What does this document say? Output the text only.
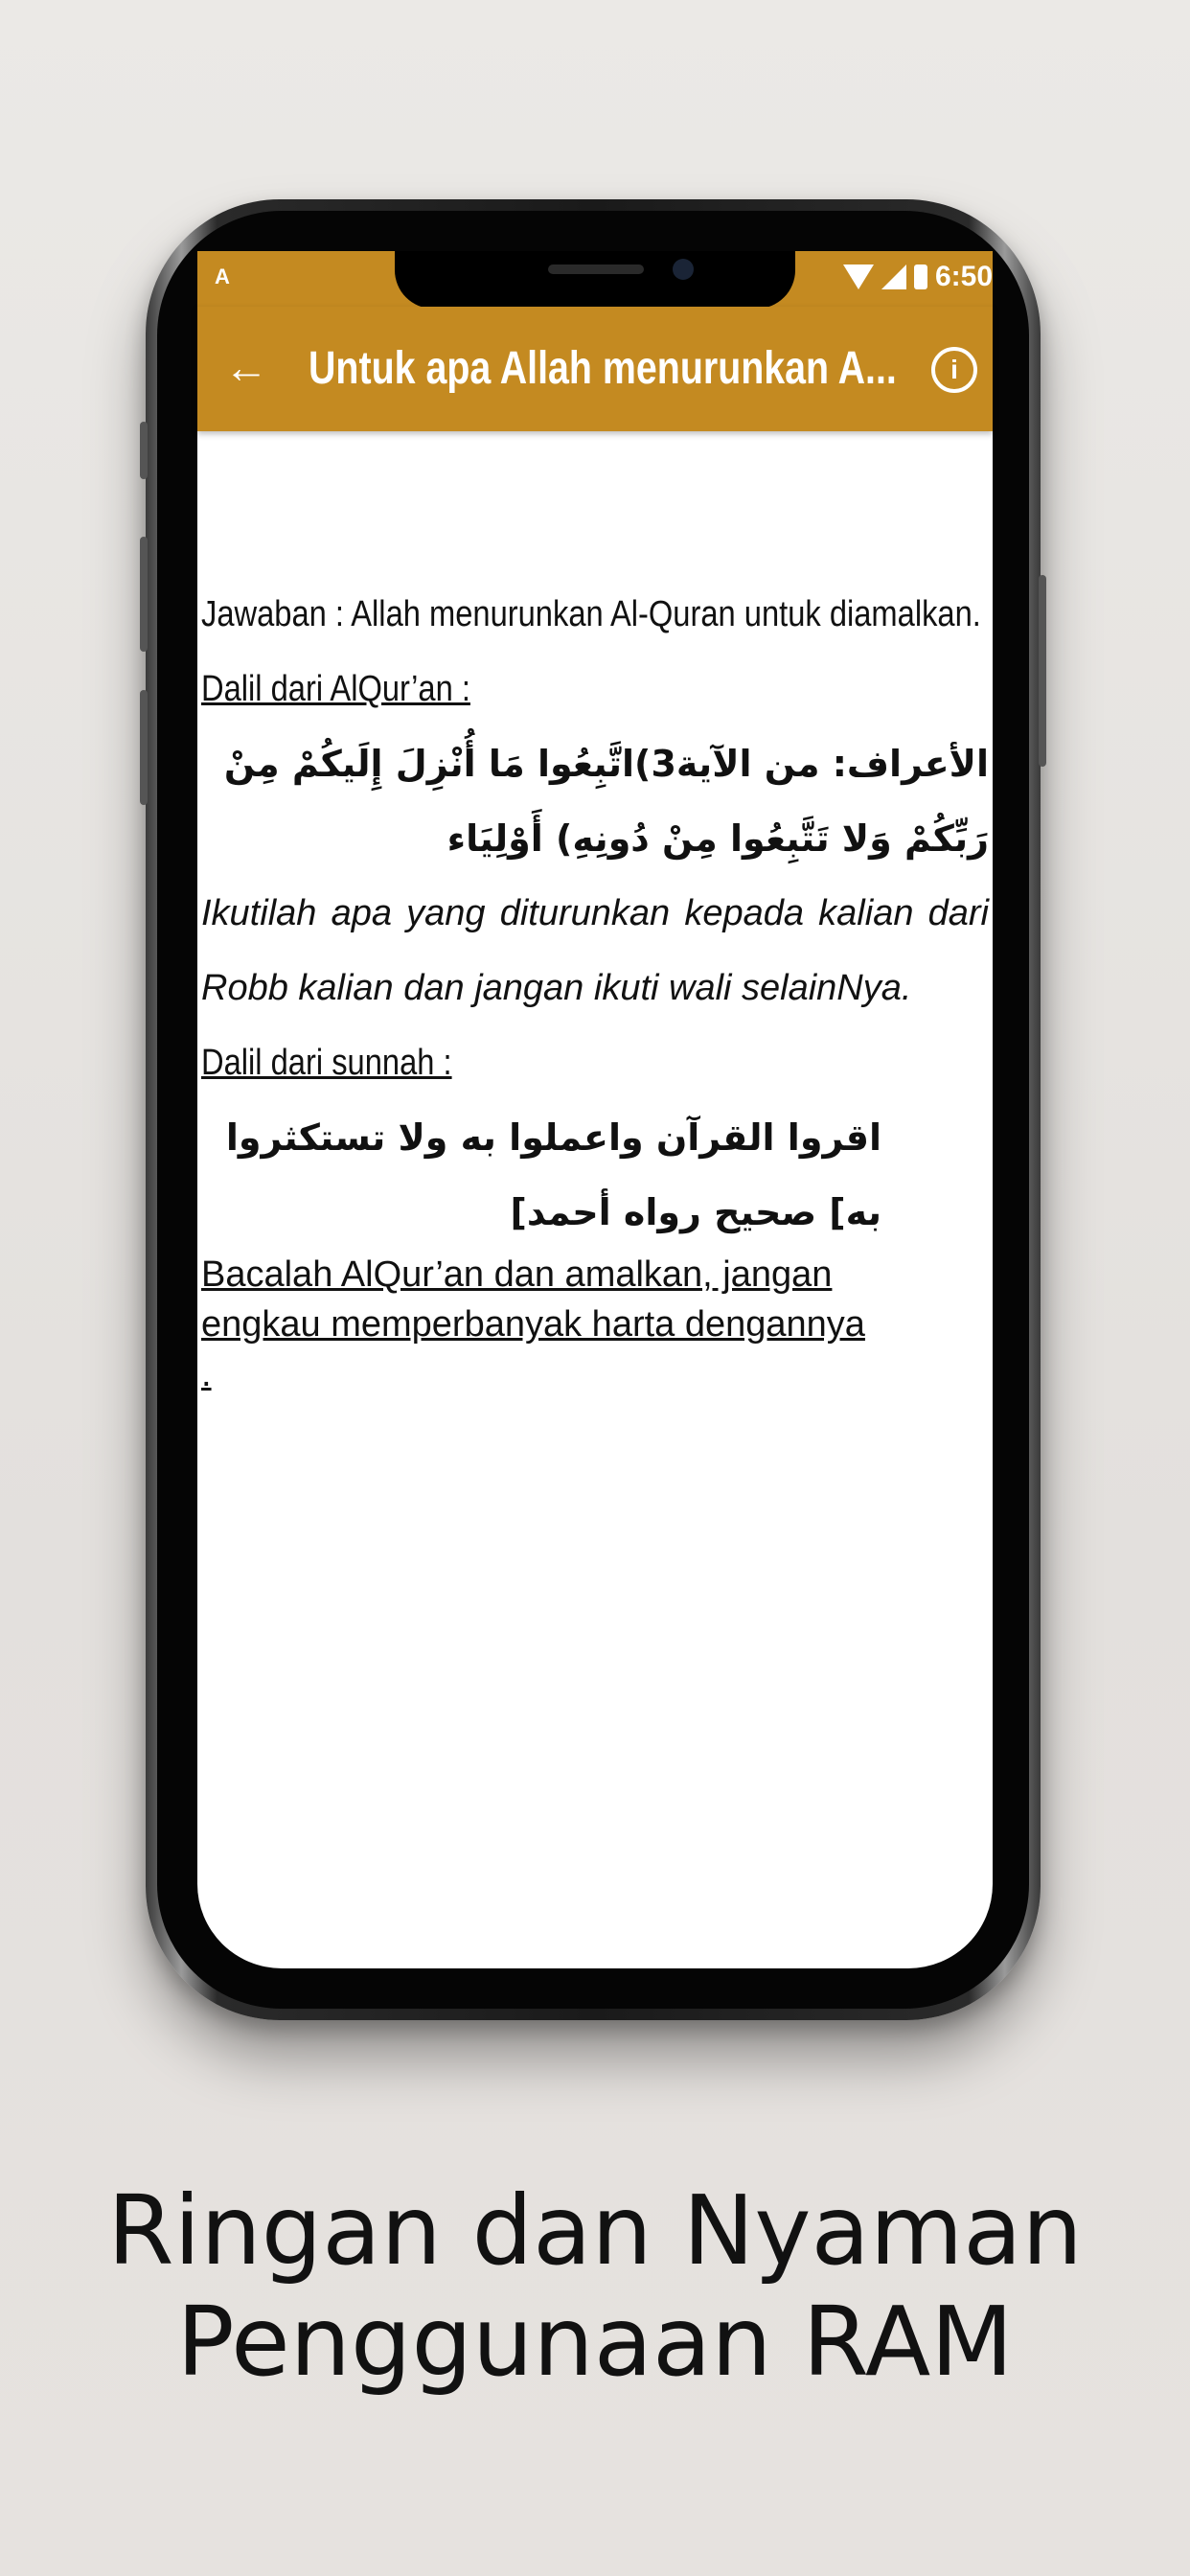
A	6:50
← Untuk apa Allah menurunkan A...	i

Jawaban : Allah menurunkan Al-Quran untuk diamalkan.

Dalil dari AlQur’an :

الأعراف: من الآية3)اتَّبِعُوا مَا أُنْزِلَ إِلَيكُمْ مِنْ رَبِّكُمْ وَلا تَتَّبِعُوا مِنْ دُونِهِ) أَوْلِيَاء

Ikutilah apa yang diturunkan kepada kalian dari Robb kalian dan jangan ikuti wali selainNya.

Dalil dari sunnah :

اقروا القرآن واعملوا به ولا تستكثروا به] صحيح رواه أحمد]

Bacalah AlQur’an dan amalkan, jangan engkau memperbanyak harta dengannya .

Ringan dan Nyaman
Penggunaan RAM
